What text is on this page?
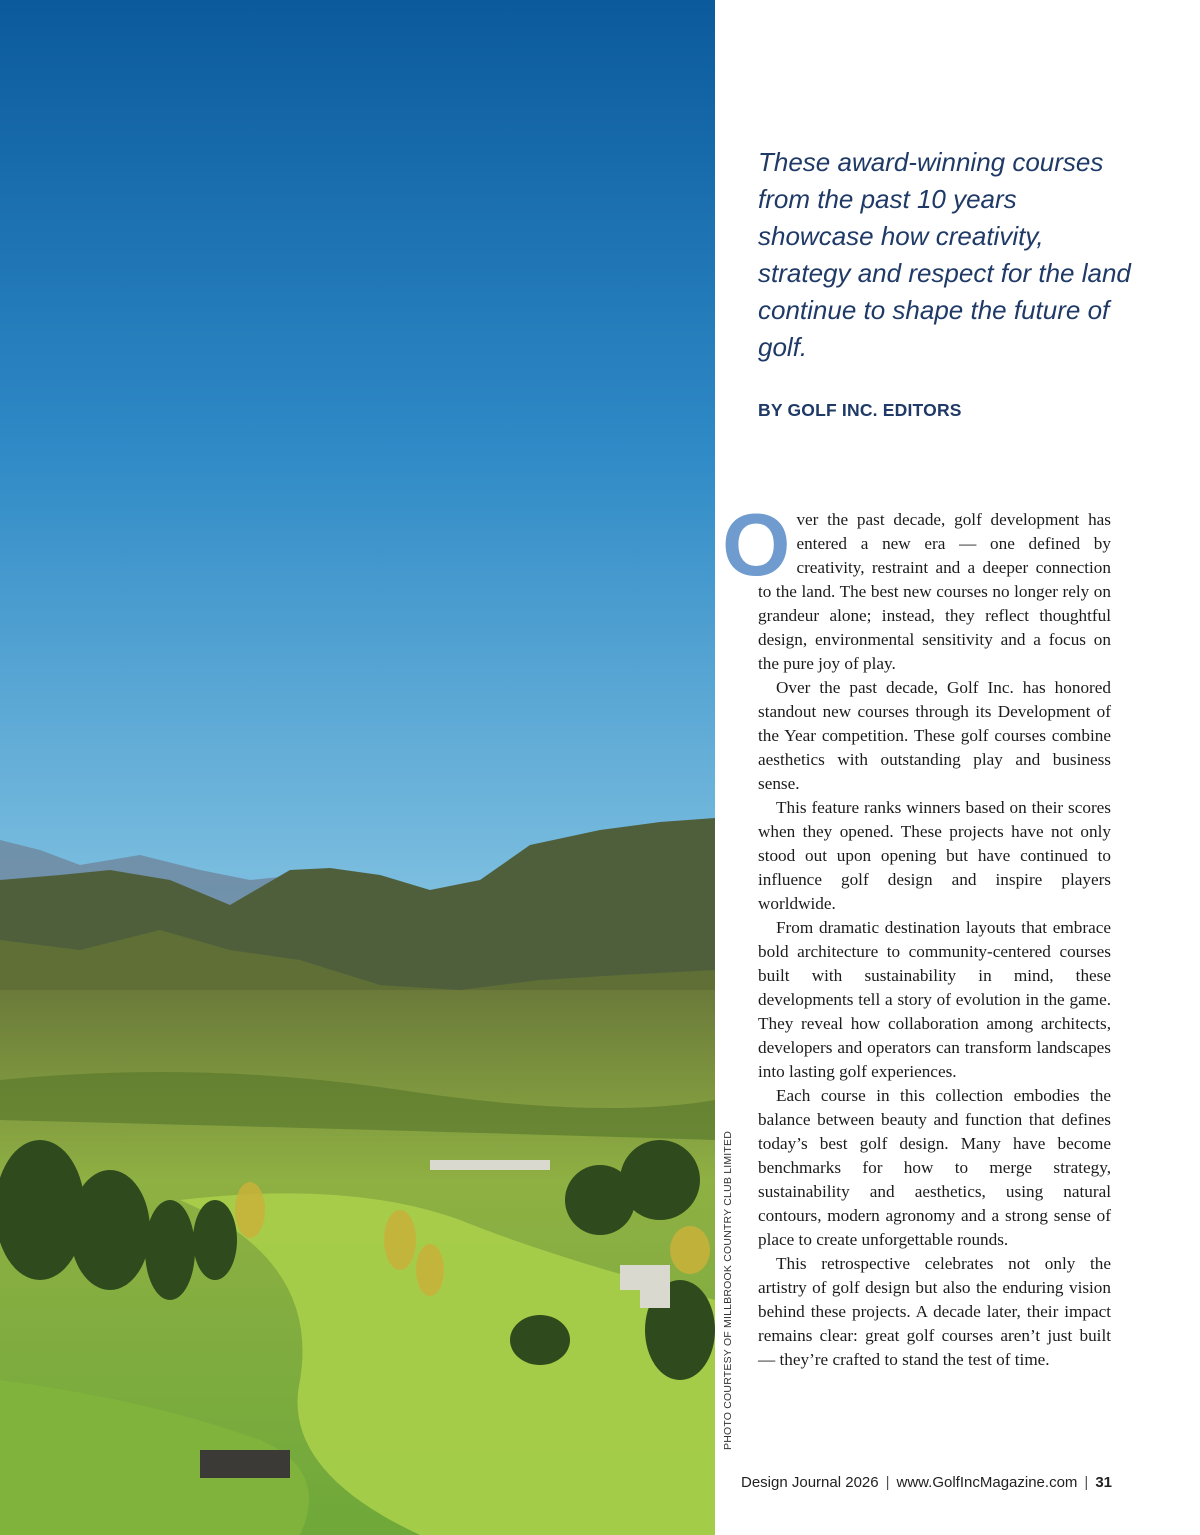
PHOTO COURTESY OF MILLBROOK COUNTRY CLUB LIMITED

These award-winning courses from the past 10 years showcase how creativity, strategy and respect for the land continue to shape the future of golf.

BY GOLF INC. EDITORS

Over the past decade, golf development has entered a new era — one defined by creativity, restraint and a deeper connection to the land. The best new courses no longer rely on grandeur alone; instead, they reflect thoughtful design, environmental sensitivity and a focus on the pure joy of play.

Over the past decade, Golf Inc. has honored standout new courses through its Development of the Year competition. These golf courses combine aesthetics with outstanding play and business sense.

This feature ranks winners based on their scores when they opened. These projects have not only stood out upon opening but have continued to influence golf design and inspire players worldwide.

From dramatic destination layouts that embrace bold architecture to community-centered courses built with sustainability in mind, these developments tell a story of evolution in the game. They reveal how collaboration among architects, developers and operators can transform landscapes into lasting golf experiences.

Each course in this collection embodies the balance between beauty and function that defines today’s best golf design. Many have become benchmarks for how to merge strategy, sustainability and aesthetics, using natural contours, modern agronomy and a strong sense of place to create unforgettable rounds.

This retrospective celebrates not only the artistry of golf design but also the enduring vision behind these projects. A decade later, their impact remains clear: great golf courses aren’t just built — they’re crafted to stand the test of time.

Design Journal 2026 | www.GolfIncMagazine.com | 31
